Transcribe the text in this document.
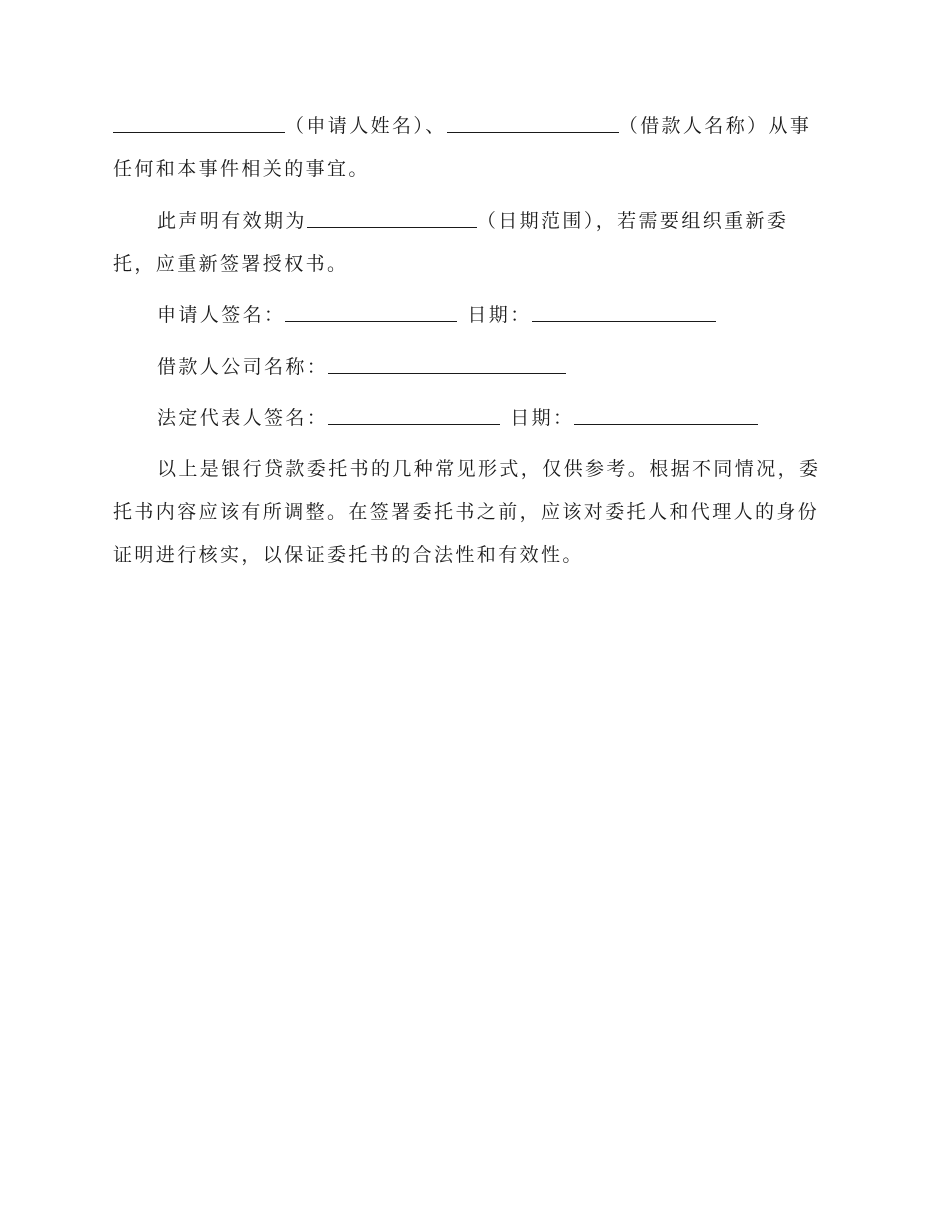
（申请人姓名）、	（借款人名称）从事
任何和本事件相关的事宜。
此声明有效期为	（日期范围），若需要组织重新委
托，应重新签署授权书。
申请人签名：	日期：
借款人公司名称：
法定代表人签名：	日期：
以上是银行贷款委托书的几种常见形式，仅供参考。根据不同情况，委
托书内容应该有所调整。在签署委托书之前，应该对委托人和代理人的身份
证明进行核实，以保证委托书的合法性和有效性。
